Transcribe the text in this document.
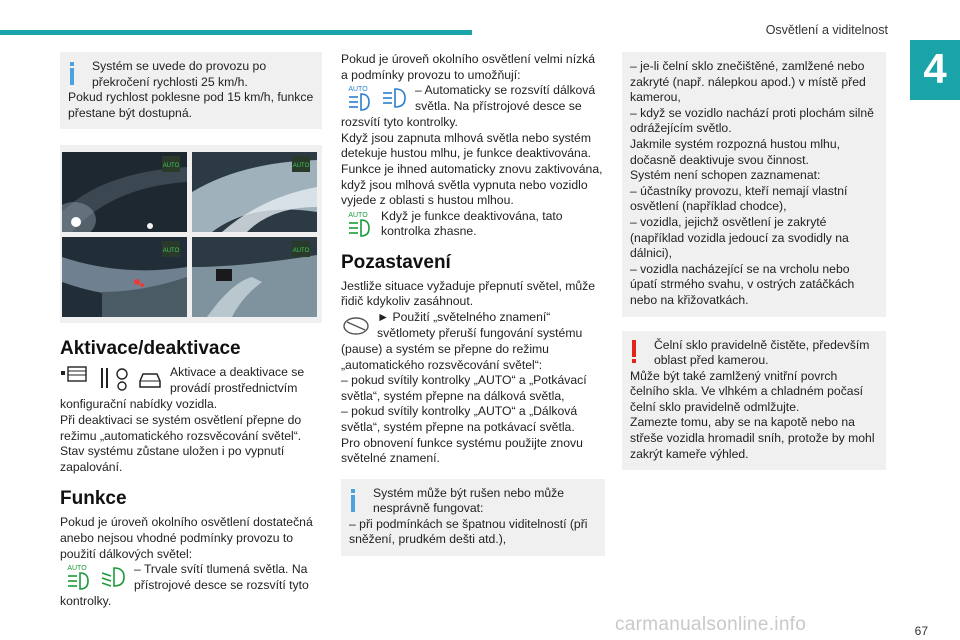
Osvětlení a viditelnost
4

Systém se uvede do provozu po překročení rychlosti 25 km/h.

Pokud rychlost poklesne pod 15 km/h, funkce přestane být dostupná.

AUTO	AUTO
AUTO	AUTO
Aktivace/deaktivace

Aktivace a deaktivace se provádí prostřednictvím

konfigurační nabídky vozidla.

Při deaktivaci se systém osvětlení přepne do režimu „automatického rozsvěcování světel“.

Stav systému zůstane uložen i po vypnutí zapalování.

Funkce

Pokud je úroveň okolního osvětlení dostatečná anebo nejsou vhodné podmínky provozu to použití dálkových světel:

AUTO	– Trvale svítí tlumená světla. Na přístrojové desce se rozsvítí tyto

kontrolky.

Pokud je úroveň okolního osvětlení velmi nízká a podmínky provozu to umožňují:

AUTO	– Automaticky se rozsvítí dálková světla. Na přístrojové desce se

rozsvítí tyto kontrolky.

Když jsou zapnuta mlhová světla nebo systém detekuje hustou mlhu, je funkce deaktivována.

Funkce je ihned automaticky znovu zaktivována, když jsou mlhová světla vypnuta nebo vozidlo vyjede z oblasti s hustou mlhou.

AUTO	Když je funkce deaktivována, tato kontrolka zhasne.

Pozastavení

Jestliže situace vyžaduje přepnutí světel, může řidič kdykoliv zasáhnout.

► Použití „světelného znamení“ světlomety přeruší fungování systému

(pause) a systém se přepne do režimu „automatického rozsvěcování světel“:

– pokud svítily kontrolky „AUTO“ a „Potkávací světla“, systém přepne na dálková světla,

– pokud svítily kontrolky „AUTO“ a „Dálková světla“, systém přepne na potkávací světla.

Pro obnovení funkce systému použijte znovu světelné znamení.

Systém může být rušen nebo může nesprávně fungovat:

– při podmínkách se špatnou viditelností (při sněžení, prudkém dešti atd.),

– je-li čelní sklo znečištěné, zamlžené nebo zakryté (např. nálepkou apod.) v místě před kamerou,

– když se vozidlo nachází proti plochám silně odrážejícím světlo.

Jakmile systém rozpozná hustou mlhu, dočasně deaktivuje svou činnost.

Systém není schopen zaznamenat:

– účastníky provozu, kteří nemají vlastní osvětlení (například chodce),

– vozidla, jejichž osvětlení je zakryté (například vozidla jedoucí za svodidly na dálnici),

– vozidla nacházející se na vrcholu nebo úpatí strmého svahu, v ostrých zatáčkách nebo na křižovatkách.

Čelní sklo pravidelně čistěte, především oblast před kamerou.

Může být také zamlžený vnitřní povrch čelního skla. Ve vlhkém a chladném počasí čelní sklo pravidelně odmlžujte.

Zamezte tomu, aby se na kapotě nebo na střeše vozidla hromadil sníh, protože by mohl zakrýt kameře výhled.

carmanualsonline.info	67
